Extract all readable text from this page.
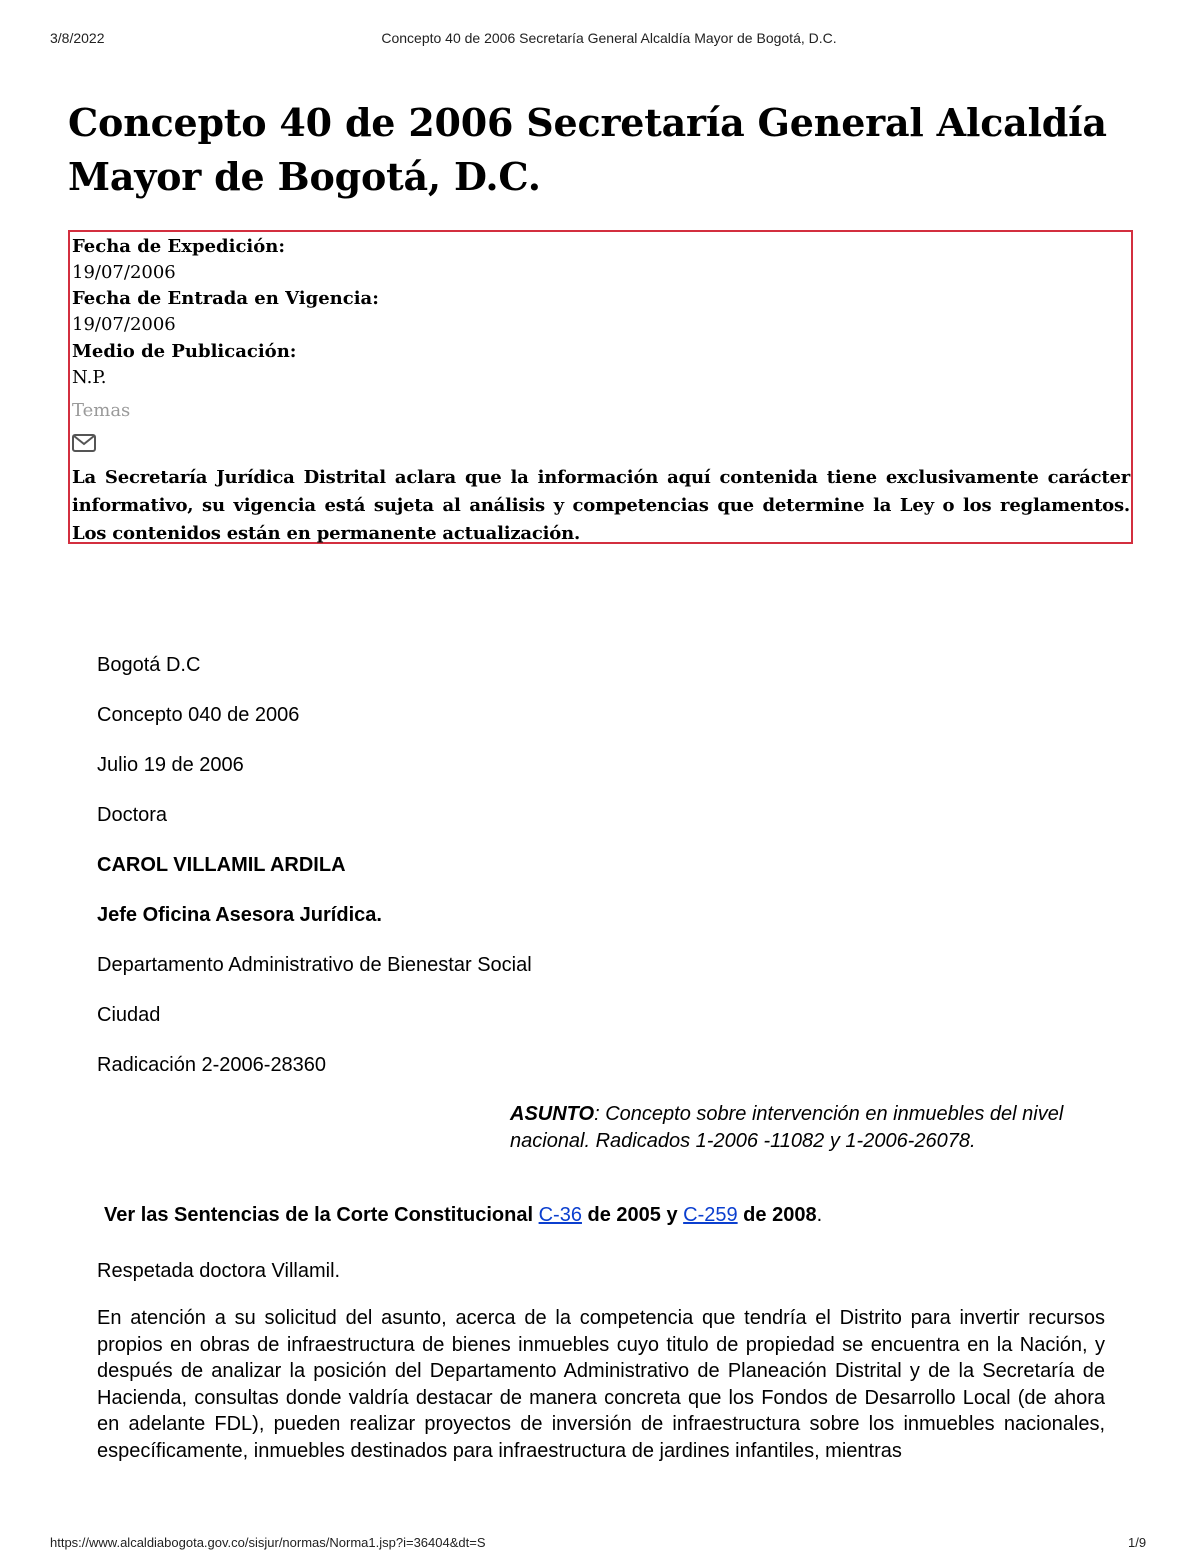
3/8/2022	Concepto 40 de 2006 Secretaría General Alcaldía Mayor de Bogotá, D.C.
Concepto 40 de 2006 Secretaría General Alcaldía Mayor de Bogotá, D.C.
Fecha de Expedición:
19/07/2006
Fecha de Entrada en Vigencia:
19/07/2006
Medio de Publicación:
N.P.
Temas

La Secretaría Jurídica Distrital aclara que la información aquí contenida tiene exclusivamente carácter informativo, su vigencia está sujeta al análisis y competencias que determine la Ley o los reglamentos. Los contenidos están en permanente actualización.

Bogotá D.C

Concepto 040 de 2006

Julio 19 de 2006

Doctora

CAROL VILLAMIL ARDILA

Jefe Oficina Asesora Jurídica.

Departamento Administrativo de Bienestar Social

Ciudad

Radicación 2-2006-28360

ASUNTO: Concepto sobre intervención en inmuebles del nivel nacional. Radicados 1-2006 -11082 y 1-2006-26078.

Ver las Sentencias de la Corte Constitucional C-36 de 2005 y C-259 de 2008.

Respetada doctora Villamil.

En atención a su solicitud del asunto, acerca de la competencia que tendría el Distrito para invertir recursos propios en obras de infraestructura de bienes inmuebles cuyo titulo de propiedad se encuentra en la Nación, y después de analizar la posición del Departamento Administrativo de Planeación Distrital y de la Secretaría de Hacienda, consultas donde valdría destacar de manera concreta que los Fondos de Desarrollo Local (de ahora en adelante FDL), pueden realizar proyectos de inversión de infraestructura sobre los inmuebles nacionales, específicamente, inmuebles destinados para infraestructura de jardines infantiles, mientras

https://www.alcaldiabogota.gov.co/sisjur/normas/Norma1.jsp?i=36404&dt=S	1/9
